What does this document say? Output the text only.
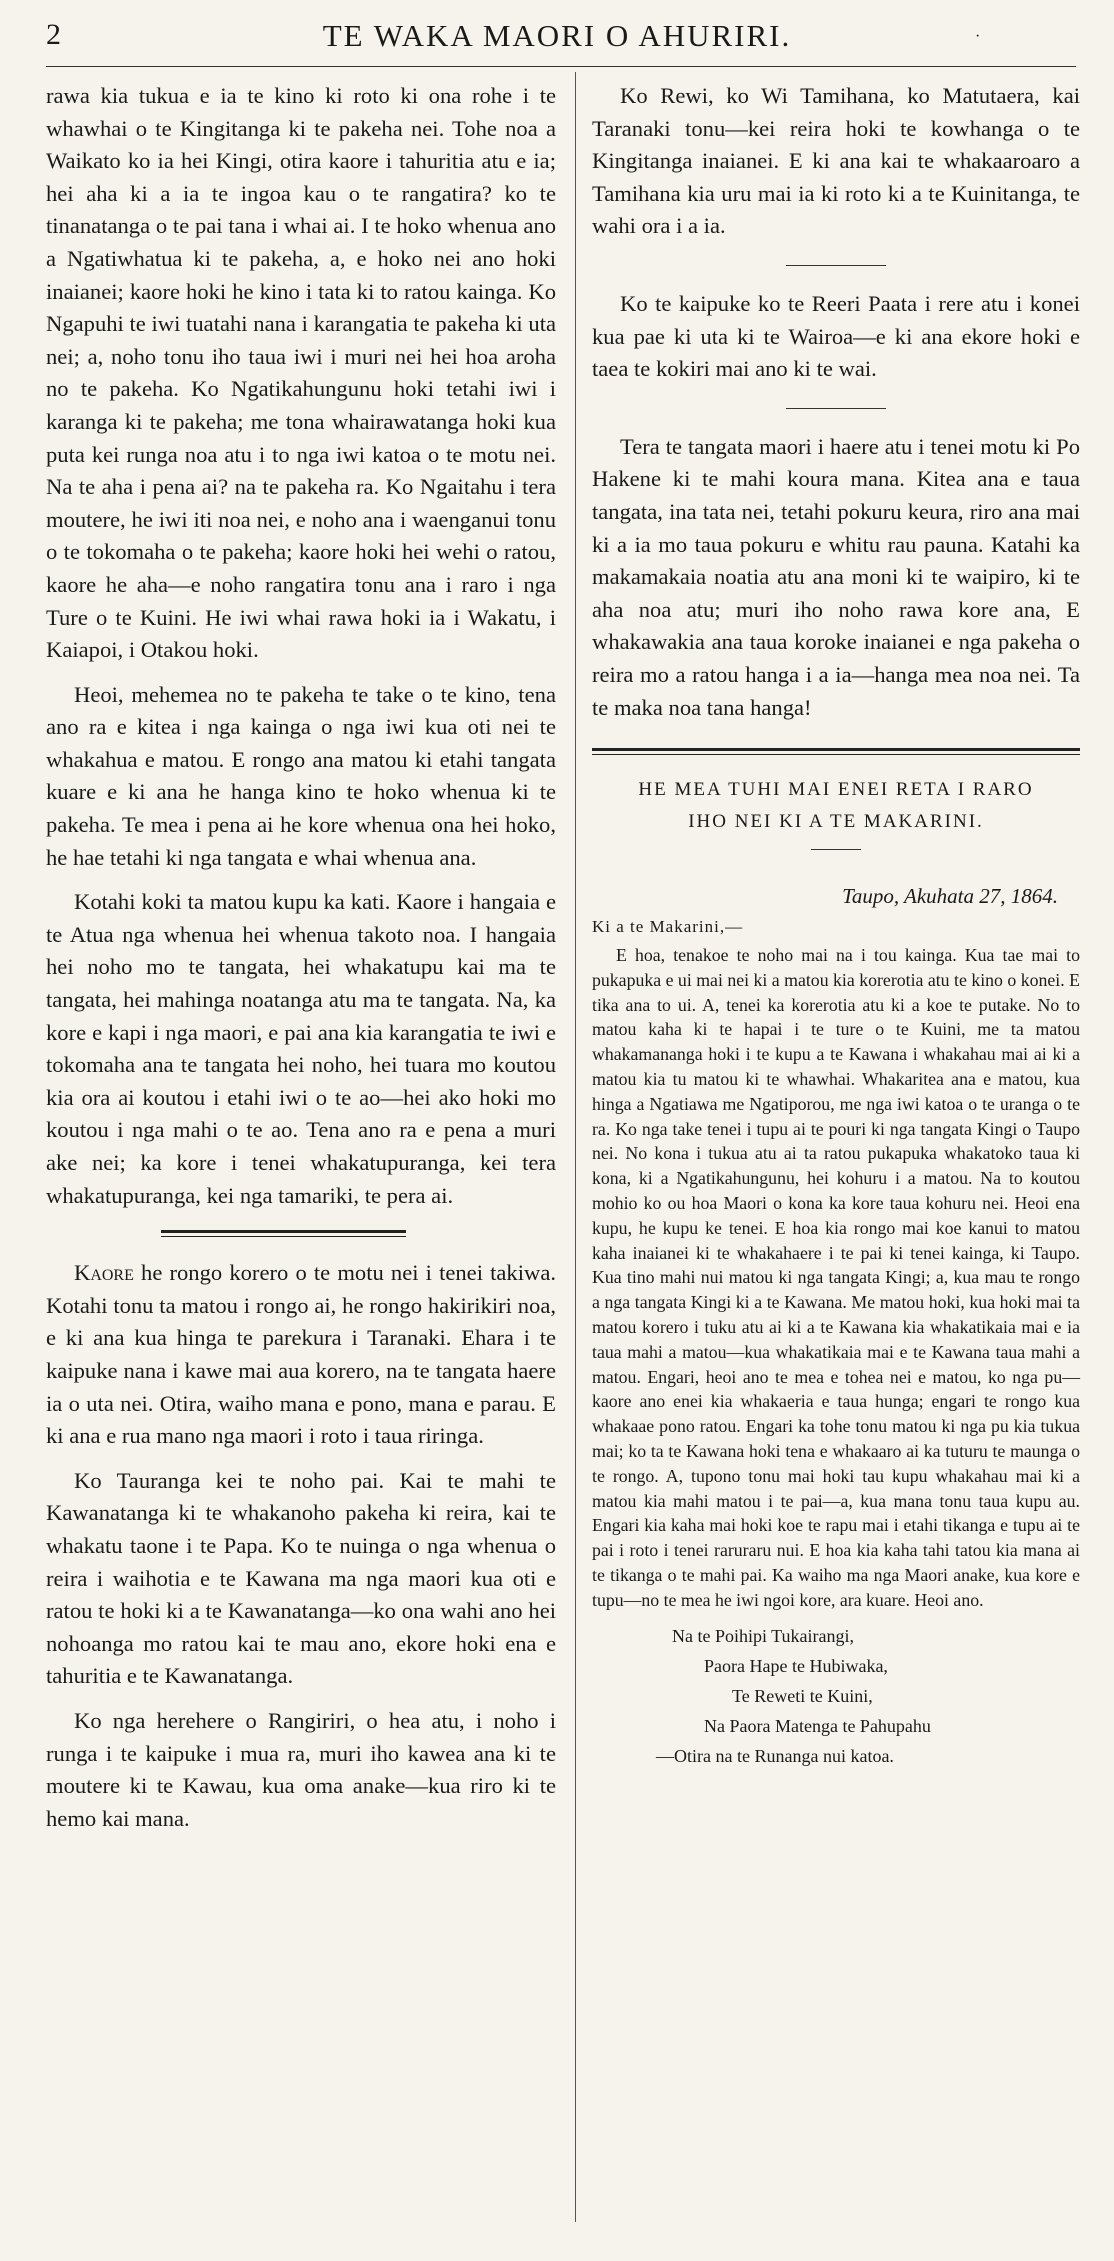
2	TE WAKA MAORI O AHURIRI.	·

rawa kia tukua e ia te kino ki roto ki ona rohe i te whawhai o te Kingitanga ki te pakeha nei. Tohe noa a Waikato ko ia hei Kingi, otira kaore i tahuritia atu e ia; hei aha ki a ia te ingoa kau o te rangatira? ko te tinanatanga o te pai tana i whai ai. I te hoko whenua ano a Ngatiwhatua ki te pakeha, a, e hoko nei ano hoki inaianei; kaore hoki he kino i tata ki to ratou kainga. Ko Ngapuhi te iwi tuatahi nana i karangatia te pakeha ki uta nei; a, noho tonu iho taua iwi i muri nei hei hoa aroha no te pakeha. Ko Ngatikahungunu hoki tetahi iwi i karanga ki te pakeha; me tona whairawatanga hoki kua puta kei runga noa atu i to nga iwi katoa o te motu nei. Na te aha i pena ai? na te pakeha ra. Ko Ngaitahu i tera moutere, he iwi iti noa nei, e noho ana i waenganui tonu o te tokomaha o te pakeha; kaore hoki hei wehi o ratou, kaore he aha—e noho rangatira tonu ana i raro i nga Ture o te Kuini. He iwi whai rawa hoki ia i Wakatu, i Kaiapoi, i Otakou hoki.

Heoi, mehemea no te pakeha te take o te kino, tena ano ra e kitea i nga kainga o nga iwi kua oti nei te whakahua e matou. E rongo ana matou ki etahi tangata kuare e ki ana he hanga kino te hoko whenua ki te pakeha. Te mea i pena ai he kore whenua ona hei hoko, he hae tetahi ki nga tangata e whai whenua ana.

Kotahi koki ta matou kupu ka kati. Kaore i hangaia e te Atua nga whenua hei whenua takoto noa. I hangaia hei noho mo te tangata, hei whakatupu kai ma te tangata, hei mahinga noatanga atu ma te tangata. Na, ka kore e kapi i nga maori, e pai ana kia karangatia te iwi e tokomaha ana te tangata hei noho, hei tuara mo koutou kia ora ai koutou i etahi iwi o te ao—hei ako hoki mo koutou i nga mahi o te ao. Tena ano ra e pena a muri ake nei; ka kore i tenei whakatupuranga, kei tera whakatupuranga, kei nga tamariki, te pera ai.

Kaore he rongo korero o te motu nei i tenei takiwa. Kotahi tonu ta matou i rongo ai, he rongo hakirikiri noa, e ki ana kua hinga te parekura i Taranaki. Ehara i te kaipuke nana i kawe mai aua korero, na te tangata haere ia o uta nei. Otira, waiho mana e pono, mana e parau. E ki ana e rua mano nga maori i roto i taua riringa.

Ko Tauranga kei te noho pai. Kai te mahi te Kawanatanga ki te whakanoho pakeha ki reira, kai te whakatu taone i te Papa. Ko te nuinga o nga whenua o reira i waihotia e te Kawana ma nga maori kua oti e ratou te hoki ki a te Kawanatanga—ko ona wahi ano hei nohoanga mo ratou kai te mau ano, ekore hoki ena e tahuritia e te Kawanatanga.

Ko nga herehere o Rangiriri, o hea atu, i noho i runga i te kaipuke i mua ra, muri iho kawea ana ki te moutere ki te Kawau, kua oma anake—kua riro ki te hemo kai mana.

Ko Rewi, ko Wi Tamihana, ko Matutaera, kai Taranaki tonu—kei reira hoki te kowhanga o te Kingitanga inaianei. E ki ana kai te whakaaroaro a Tamihana kia uru mai ia ki roto ki a te Kuinitanga, te wahi ora i a ia.

Ko te kaipuke ko te Reeri Paata i rere atu i konei kua pae ki uta ki te Wairoa—e ki ana ekore hoki e taea te kokiri mai ano ki te wai.

Tera te tangata maori i haere atu i tenei motu ki Po Hakene ki te mahi koura mana. Kitea ana e taua tangata, ina tata nei, tetahi pokuru keura, riro ana mai ki a ia mo taua pokuru e whitu rau pauna. Katahi ka makamakaia noatia atu ana moni ki te waipiro, ki te aha noa atu; muri iho noho rawa kore ana, E whakawakia ana taua koroke inaianei e nga pakeha o reira mo a ratou hanga i a ia—hanga mea noa nei. Ta te maka noa tana hanga!

HE MEA TUHI MAI ENEI RETA I RARO
IHO NEI KI A TE MAKARINI.
Taupo, Akuhata 27, 1864.
Ki a te Makarini,—

E hoa, tenakoe te noho mai na i tou kainga. Kua tae mai to pukapuka e ui mai nei ki a matou kia korerotia atu te kino o konei. E tika ana to ui. A, tenei ka korerotia atu ki a koe te putake. No to matou kaha ki te hapai i te ture o te Kuini, me ta matou whakamananga hoki i te kupu a te Kawana i whakahau mai ai ki a matou kia tu matou ki te whawhai. Whakaritea ana e matou, kua hinga a Ngatiawa me Ngatiporou, me nga iwi katoa o te uranga o te ra. Ko nga take tenei i tupu ai te pouri ki nga tangata Kingi o Taupo nei. No kona i tukua atu ai ta ratou pukapuka whakatoko taua ki kona, ki a Ngatikahungunu, hei kohuru i a matou. Na to koutou mohio ko ou hoa Maori o kona ka kore taua kohuru nei. Heoi ena kupu, he kupu ke tenei. E hoa kia rongo mai koe kanui to matou kaha inaianei ki te whakahaere i te pai ki tenei kainga, ki Taupo. Kua tino mahi nui matou ki nga tangata Kingi; a, kua mau te rongo a nga tangata Kingi ki a te Kawana. Me matou hoki, kua hoki mai ta matou korero i tuku atu ai ki a te Kawana kia whakatikaia mai e ia taua mahi a matou—kua whakatikaia mai e te Kawana taua mahi a matou. Engari, heoi ano te mea e tohea nei e matou, ko nga pu—kaore ano enei kia whakaeria e taua hunga; engari te rongo kua whakaae pono ratou. Engari ka tohe tonu matou ki nga pu kia tukua mai; ko ta te Kawana hoki tena e whakaaro ai ka tuturu te maunga o te rongo. A, tupono tonu mai hoki tau kupu whakahau mai ki a matou kia mahi matou i te pai—a, kua mana tonu taua kupu au. Engari kia kaha mai hoki koe te rapu mai i etahi tikanga e tupu ai te pai i roto i tenei raruraru nui. E hoa kia kaha tahi tatou kia mana ai te tikanga o te mahi pai. Ka waiho ma nga Maori anake, kua kore e tupu—no te mea he iwi ngoi kore, ara kuare. Heoi ano.

Na te Poihipi Tukairangi,
Paora Hape te Hubiwaka,
Te Reweti te Kuini,
Na Paora Matenga te Pahupahu
—Otira na te Runanga nui katoa.
